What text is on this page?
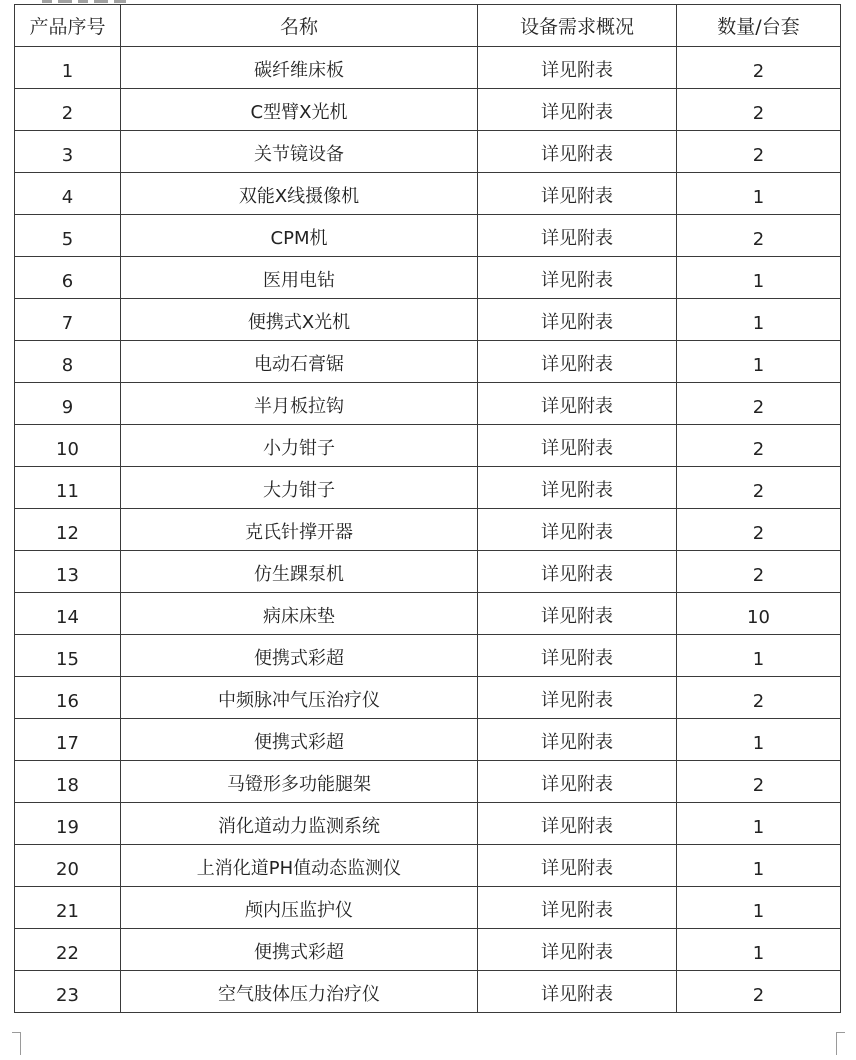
产品序号	名称	设备需求概况	数量/台套
1	碳纤维床板	详见附表	2
2	C型臂X光机	详见附表	2
3	关节镜设备	详见附表	2
4	双能X线摄像机	详见附表	1
5	CPM机	详见附表	2
6	医用电钻	详见附表	1
7	便携式X光机	详见附表	1
8	电动石膏锯	详见附表	1
9	半月板拉钩	详见附表	2
10	小力钳子	详见附表	2
11	大力钳子	详见附表	2
12	克氏针撑开器	详见附表	2
13	仿生踝泵机	详见附表	2
14	病床床垫	详见附表	10
15	便携式彩超	详见附表	1
16	中频脉冲气压治疗仪	详见附表	2
17	便携式彩超	详见附表	1
18	马镫形多功能腿架	详见附表	2
19	消化道动力监测系统	详见附表	1
20	上消化道PH值动态监测仪	详见附表	1
21	颅内压监护仪	详见附表	1
22	便携式彩超	详见附表	1
23	空气肢体压力治疗仪	详见附表	2
